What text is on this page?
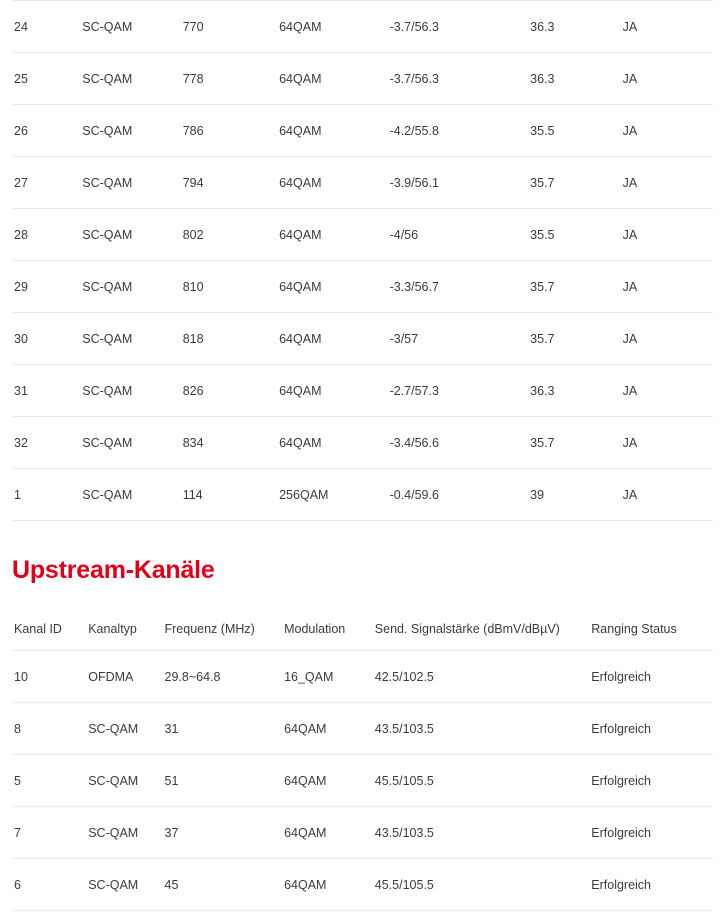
24	SC-QAM	770	64QAM	-3.7/56.3	36.3	JA
25	SC-QAM	778	64QAM	-3.7/56.3	36.3	JA
26	SC-QAM	786	64QAM	-4.2/55.8	35.5	JA
27	SC-QAM	794	64QAM	-3.9/56.1	35.7	JA
28	SC-QAM	802	64QAM	-4/56	35.5	JA
29	SC-QAM	810	64QAM	-3.3/56.7	35.7	JA
30	SC-QAM	818	64QAM	-3/57	35.7	JA
31	SC-QAM	826	64QAM	-2.7/57.3	36.3	JA
32	SC-QAM	834	64QAM	-3.4/56.6	35.7	JA
1	SC-QAM	114	256QAM	-0.4/59.6	39	JA
Upstream-Kanäle
Kanal ID	Kanaltyp	Frequenz (MHz)	Modulation	Send. Signalstärke (dBmV/dBµV)	Ranging Status
10	OFDMA	29.8~64.8	16_QAM	42.5/102.5	Erfolgreich
8	SC-QAM	31	64QAM	43.5/103.5	Erfolgreich
5	SC-QAM	51	64QAM	45.5/105.5	Erfolgreich
7	SC-QAM	37	64QAM	43.5/103.5	Erfolgreich
6	SC-QAM	45	64QAM	45.5/105.5	Erfolgreich
